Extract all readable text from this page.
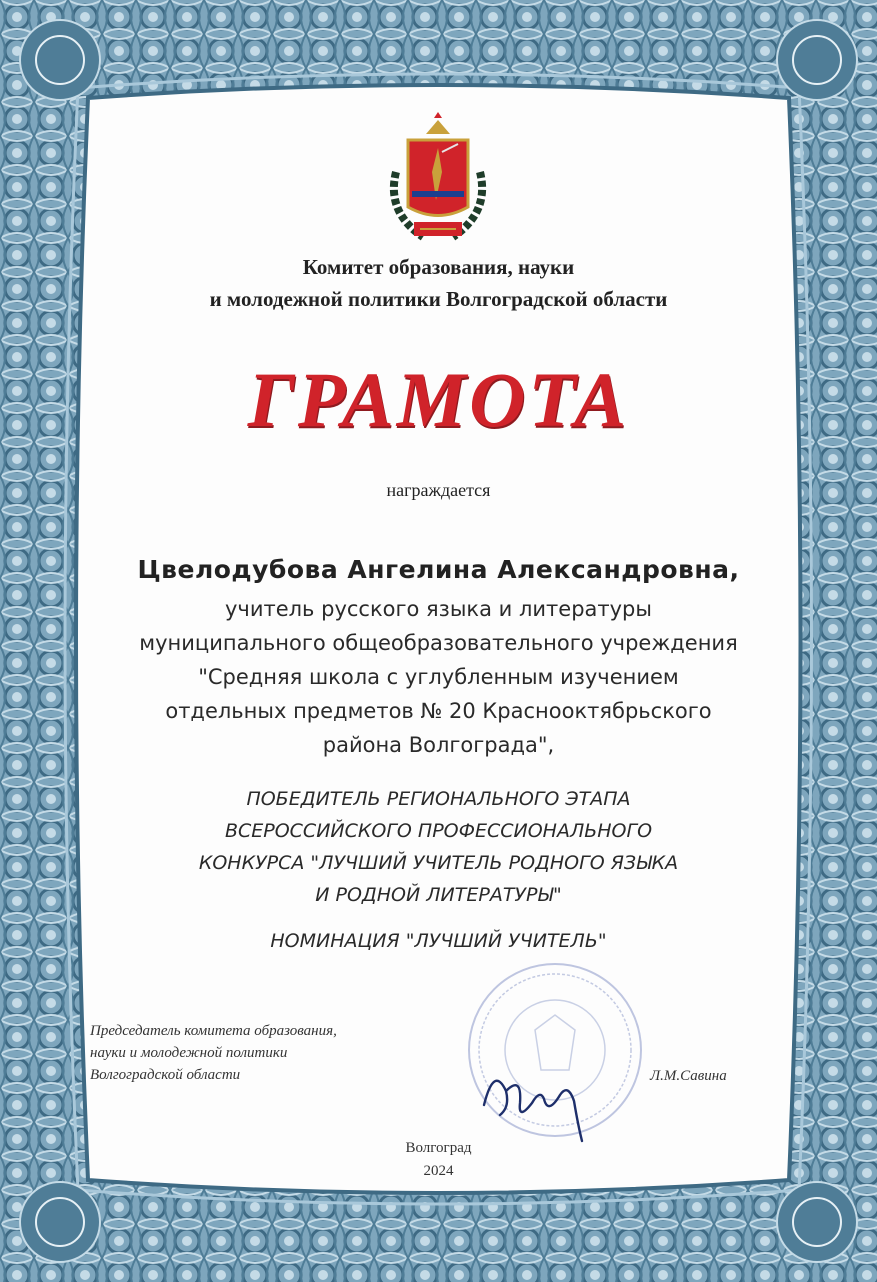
Комитет образования, науки
и молодежной политики Волгоградской области
ГРАМОТА
награждается
Цвелодубова Ангелина Александровна,
учитель русского языка и литературы
муниципального общеобразовательного учреждения
"Средняя школа с углубленным изучением
отдельных предметов № 20 Краснооктябрьского
района Волгограда",
ПОБЕДИТЕЛЬ РЕГИОНАЛЬНОГО ЭТАПА
ВСЕРОССИЙСКОГО ПРОФЕССИОНАЛЬНОГО
КОНКУРСА "ЛУЧШИЙ УЧИТЕЛЬ РОДНОГО ЯЗЫКА
И РОДНОЙ ЛИТЕРАТУРЫ"
НОМИНАЦИЯ "ЛУЧШИЙ УЧИТЕЛЬ"
Председатель комитета образования,
науки и молодежной политики
Волгоградской области	Л.М.Савина
Волгоград
2024
